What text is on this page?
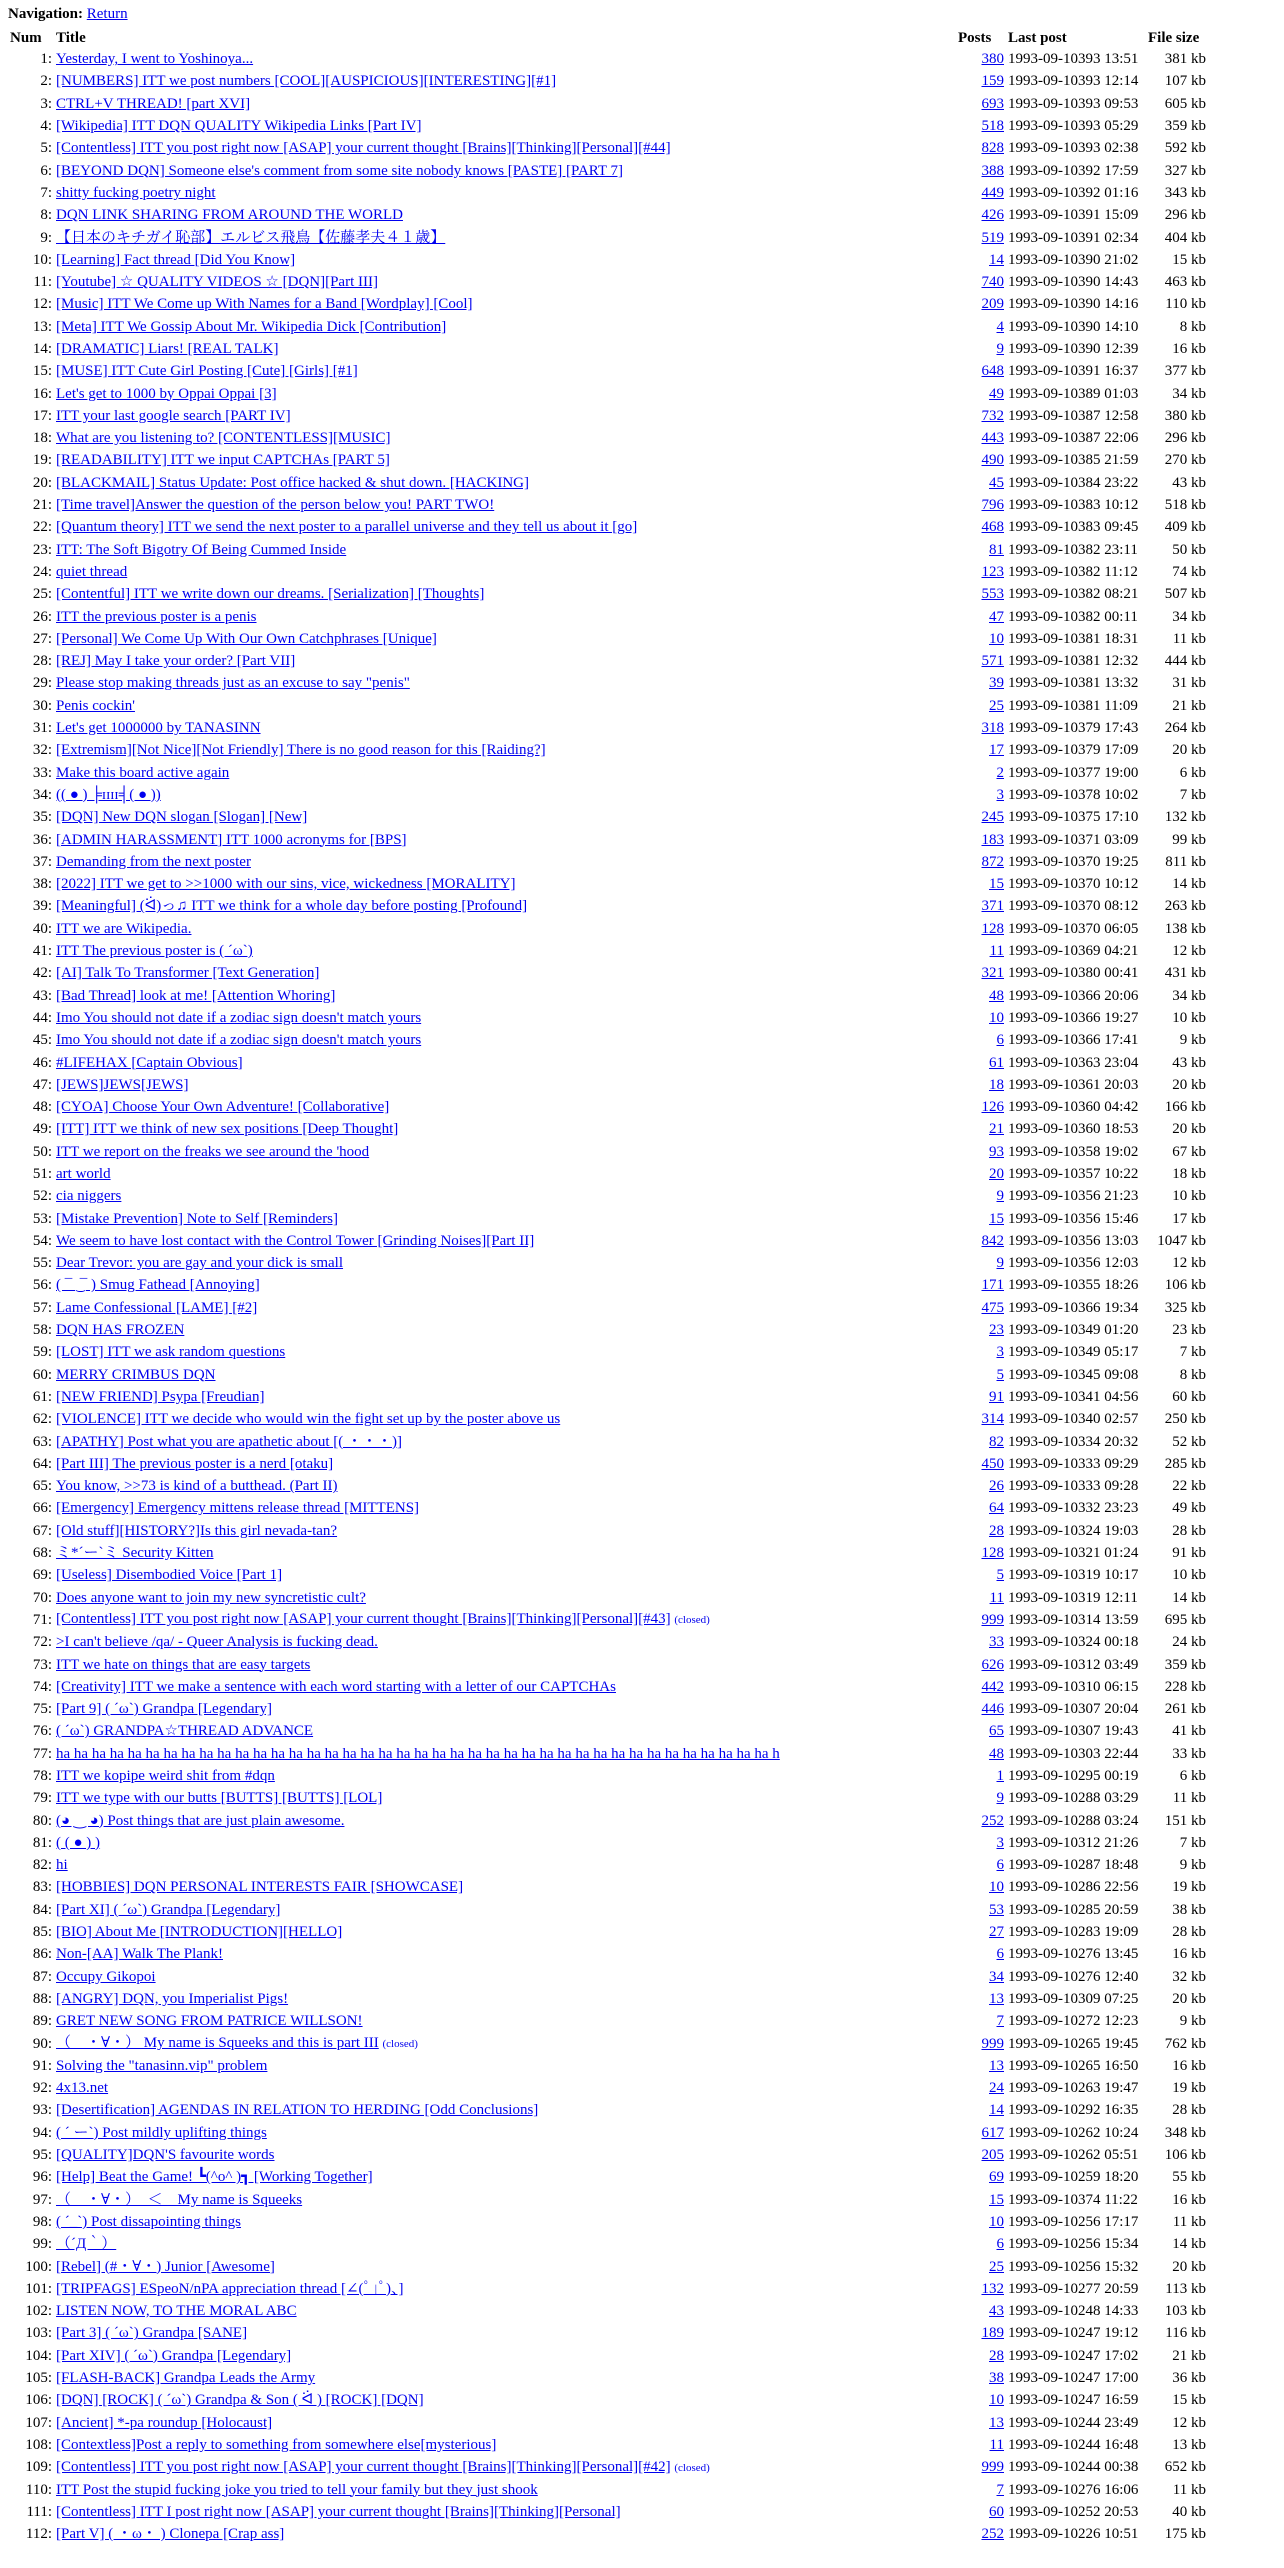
Navigation: Return
Num	Title	Posts	Last post	File size
1:	Yesterday, I went to Yoshinoya...	380	1993-09-10393 13:51	381 kb
2:	[NUMBERS] ITT we post numbers [COOL][AUSPICIOUS][INTERESTING][#1]	159	1993-09-10393 12:14	107 kb
3:	CTRL+V THREAD! [part XVI]	693	1993-09-10393 09:53	605 kb
4:	[Wikipedia] ITT DQN QUALITY Wikipedia Links [Part IV]	518	1993-09-10393 05:29	359 kb
5:	[Contentless] ITT you post right now [ASAP] your current thought [Brains][Thinking][Personal][#44]	828	1993-09-10393 02:38	592 kb
6:	[BEYOND DQN] Someone else's comment from some site nobody knows [PASTE] [PART 7]	388	1993-09-10392 17:59	327 kb
7:	shitty fucking poetry night	449	1993-09-10392 01:16	343 kb
8:	DQN LINK SHARING FROM AROUND THE WORLD	426	1993-09-10391 15:09	296 kb
9:	【日本のキチガイ恥部】エルビス飛鳥【佐藤孝夫４１歳】	519	1993-09-10391 02:34	404 kb
10:	[Learning] Fact thread [Did You Know]	14	1993-09-10390 21:02	15 kb
11:	[Youtube] ☆ QUALITY VIDEOS ☆ [DQN][Part III]	740	1993-09-10390 14:43	463 kb
12:	[Music] ITT We Come up With Names for a Band [Wordplay] [Cool]	209	1993-09-10390 14:16	110 kb
13:	[Meta] ITT We Gossip About Mr. Wikipedia Dick [Contribution]	4	1993-09-10390 14:10	8 kb
14:	[DRAMATIC] Liars! [REAL TALK]	9	1993-09-10390 12:39	16 kb
15:	[MUSE] ITT Cute Girl Posting [Cute] [Girls] [#1]	648	1993-09-10391 16:37	377 kb
16:	Let's get to 1000 by Oppai Oppai [3]	49	1993-09-10389 01:03	34 kb
17:	ITT your last google search [PART IV]	732	1993-09-10387 12:58	380 kb
18:	What are you listening to? [CONTENTLESS][MUSIC]	443	1993-09-10387 22:06	296 kb
19:	[READABILITY] ITT we input CAPTCHAs [PART 5]	490	1993-09-10385 21:59	270 kb
20:	[BLACKMAIL] Status Update: Post office hacked & shut down. [HACKING]	45	1993-09-10384 23:22	43 kb
21:	[Time travel]Answer the question of the person below you! PART TWO!	796	1993-09-10383 10:12	518 kb
22:	[Quantum theory] ITT we send the next poster to a parallel universe and they tell us about it [go]	468	1993-09-10383 09:45	409 kb
23:	ITT: The Soft Bigotry Of Being Cummed Inside	81	1993-09-10382 23:11	50 kb
24:	quiet thread	123	1993-09-10382 11:12	74 kb
25:	[Contentful] ITT we write down our dreams. [Serialization] [Thoughts]	553	1993-09-10382 08:21	507 kb
26:	ITT the previous poster is a penis	47	1993-09-10382 00:11	34 kb
27:	[Personal] We Come Up With Our Own Catchphrases [Unique]	10	1993-09-10381 18:31	11 kb
28:	[REJ] May I take your order? [Part VII]	571	1993-09-10381 12:32	444 kb
29:	Please stop making threads just as an excuse to say "penis"	39	1993-09-10381 13:32	31 kb
30:	Penis cockin'	25	1993-09-10381 11:09	21 kb
31:	Let's get 1000000 by TANASINN	318	1993-09-10379 17:43	264 kb
32:	[Extremism][Not Nice][Not Friendly] There is no good reason for this [Raiding?]	17	1993-09-10379 17:09	20 kb
33:	Make this board active again	2	1993-09-10377 19:00	6 kb
34:	(( ● ) ╞ɪɪɪɪ╡( ● ))	3	1993-09-10378 10:02	7 kb
35:	[DQN] New DQN slogan [Slogan] [New]	245	1993-09-10375 17:10	132 kb
36:	[ADMIN HARASSMENT] ITT 1000 acronyms for [BPS]	183	1993-09-10371 03:09	99 kb
37:	Demanding from the next poster	872	1993-09-10370 19:25	811 kb
38:	[2022] ITT we get to >>1000 with our sins, vice, wickedness [MORALITY]	15	1993-09-10370 10:12	14 kb
39:	[Meaningful] (ᐛ)っ♫ ITT we think for a whole day before posting [Profound]	371	1993-09-10370 08:12	263 kb
40:	ITT we are Wikipedia.	128	1993-09-10370 06:05	138 kb
41:	ITT The previous poster is ( ´ω`)	11	1993-09-10369 04:21	12 kb
42:	[AI] Talk To Transformer [Text Generation]	321	1993-09-10380 00:41	431 kb
43:	[Bad Thread] look at me! [Attention Whoring]	48	1993-09-10366 20:06	34 kb
44:	Imo You should not date if a zodiac sign doesn't match yours	10	1993-09-10366 19:27	10 kb
45:	Imo You should not date if a zodiac sign doesn't match yours	6	1993-09-10366 17:41	9 kb
46:	#LIFEHAX [Captain Obvious]	61	1993-09-10363 23:04	43 kb
47:	[JEWS]JEWS[JEWS]	18	1993-09-10361 20:03	20 kb
48:	[CYOA] Choose Your Own Adventure! [Collaborative]	126	1993-09-10360 04:42	166 kb
49:	[ITT] ITT we think of new sex positions [Deep Thought]	21	1993-09-10360 18:53	20 kb
50:	ITT we report on the freaks we see around the 'hood	93	1993-09-10358 19:02	67 kb
51:	art world	20	1993-09-10357 10:22	18 kb
52:	cia niggers	9	1993-09-10356 21:23	10 kb
53:	[Mistake Prevention] Note to Self [Reminders]	15	1993-09-10356 15:46	17 kb
54:	We seem to have lost contact with the Control Tower [Grinding Noises][Part II]	842	1993-09-10356 13:03	1047 kb
55:	Dear Trevor: you are gay and your dick is small	9	1993-09-10356 12:03	12 kb
56:	( ¯ ͜ ¯ ) Smug Fathead [Annoying]	171	1993-09-10355 18:26	106 kb
57:	Lame Confessional [LAME] [#2]	475	1993-09-10366 19:34	325 kb
58:	DQN HAS FROZEN	23	1993-09-10349 01:20	23 kb
59:	[LOST] ITT we ask random questions	3	1993-09-10349 05:17	7 kb
60:	MERRY CRIMBUS DQN	5	1993-09-10345 09:08	8 kb
61:	[NEW FRIEND] Psypa [Freudian]	91	1993-09-10341 04:56	60 kb
62:	[VIOLENCE] ITT we decide who would win the fight set up by the poster above us	314	1993-09-10340 02:57	250 kb
63:	[APATHY] Post what you are apathetic about [( ・・・)]	82	1993-09-10334 20:32	52 kb
64:	[Part III] The previous poster is a nerd [otaku]	450	1993-09-10333 09:29	285 kb
65:	You know, >>73 is kind of a butthead. (Part II)	26	1993-09-10333 09:28	22 kb
66:	[Emergency] Emergency mittens release thread [MITTENS]	64	1993-09-10332 23:23	49 kb
67:	[Old stuff][HISTORY?]Is this girl nevada-tan?	28	1993-09-10324 19:03	28 kb
68:	ミ*´ー`ミ Security Kitten	128	1993-09-10321 01:24	91 kb
69:	[Useless] Disembodied Voice [Part 1]	5	1993-09-10319 10:17	10 kb
70:	Does anyone want to join my new syncretistic cult?	11	1993-09-10319 12:11	14 kb
71:	[Contentless] ITT you post right now [ASAP] your current thought [Brains][Thinking][Personal][#43] (closed)	999	1993-09-10314 13:59	695 kb
72:	>I can't believe /qa/ - Queer Analysis is fucking dead.	33	1993-09-10324 00:18	24 kb
73:	ITT we hate on things that are easy targets	626	1993-09-10312 03:49	359 kb
74:	[Creativity] ITT we make a sentence with each word starting with a letter of our CAPTCHAs	442	1993-09-10310 06:15	228 kb
75:	[Part 9] ( ´ω`) Grandpa [Legendary]	446	1993-09-10307 20:04	261 kb
76:	( ´ω`) GRANDPA☆THREAD ADVANCE	65	1993-09-10307 19:43	41 kb
77:	ha ha ha ha ha ha ha ha ha ha ha ha ha ha ha ha ha ha ha ha ha ha ha ha ha ha ha ha ha ha ha ha ha ha ha ha ha ha ha ha h	48	1993-09-10303 22:44	33 kb
78:	ITT we kopipe weird shit from #dqn	1	1993-09-10295 00:19	6 kb
79:	ITT we type with our butts [BUTTS] [BUTTS] [LOL]	9	1993-09-10288 03:29	11 kb
80:	(◕ ‿ ◕) Post things that are just plain awesome.	252	1993-09-10288 03:24	151 kb
81:	( ( ● ) )	3	1993-09-10312 21:26	7 kb
82:	hi	6	1993-09-10287 18:48	9 kb
83:	[HOBBIES] DQN PERSONAL INTERESTS FAIR [SHOWCASE]	10	1993-09-10286 22:56	19 kb
84:	[Part XI] ( ´ω`) Grandpa [Legendary]	53	1993-09-10285 20:59	38 kb
85:	[BIO] About Me [INTRODUCTION][HELLO]	27	1993-09-10283 19:09	28 kb
86:	Non-[AA] Walk The Plank!	6	1993-09-10276 13:45	16 kb
87:	Occupy Gikopoi	34	1993-09-10276 12:40	32 kb
88:	[ANGRY] DQN, you Imperialist Pigs!	13	1993-09-10309 07:25	20 kb
89:	GRET NEW SONG FROM PATRICE WILLSON!	7	1993-09-10272 12:23	9 kb
90:	（　・∀・） My name is Squeeks and this is part III (closed)	999	1993-09-10265 19:45	762 kb
91:	Solving the "tanasinn.vip" problem	13	1993-09-10265 16:50	16 kb
92:	4x13.net	24	1993-09-10263 19:47	19 kb
93:	[Desertification] AGENDAS IN RELATION TO HERDING [Odd Conclusions]	14	1993-09-10292 16:35	28 kb
94:	( ´ ー`) Post mildly uplifting things	617	1993-09-10262 10:24	348 kb
95:	[QUALITY]DQN'S favourite words	205	1993-09-10262 05:51	106 kb
96:	[Help] Beat the Game! ┗(^o^ )┓ [Working Together]	69	1993-09-10259 18:20	55 kb
97:	（　・∀・）　＜　My name is Squeeks	15	1993-09-10374 11:22	16 kb
98:	( ´_`) Post dissapointing things	10	1993-09-10256 17:17	11 kb
99:	（´Д｀）	6	1993-09-10256 15:34	14 kb
100:	[Rebel] (#・∀・) Junior [Awesome]	25	1993-09-10256 15:32	20 kb
101:	[TRIPFAGS] ESpeoN/nPA appreciation thread [∠(ﾟ｣ﾟ)、]	132	1993-09-10277 20:59	113 kb
102:	LISTEN NOW, TO THE MORAL ABC	43	1993-09-10248 14:33	103 kb
103:	[Part 3] ( ´ω`) Grandpa [SANE]	189	1993-09-10247 19:12	116 kb
104:	[Part XIV] ( ´ω`) Grandpa [Legendary]	28	1993-09-10247 17:02	21 kb
105:	[FLASH-BACK] Grandpa Leads the Army	38	1993-09-10247 17:00	36 kb
106:	[DQN] [ROCK] ( ´ω`) Grandpa & Son ( ᐛ ) [ROCK] [DQN]	10	1993-09-10247 16:59	15 kb
107:	[Ancient] *-pa roundup [Holocaust]	13	1993-09-10244 23:49	12 kb
108:	[Contextless]Post a reply to something from somewhere else[mysterious]	11	1993-09-10244 16:48	13 kb
109:	[Contentless] ITT you post right now [ASAP] your current thought [Brains][Thinking][Personal][#42] (closed)	999	1993-09-10244 00:38	652 kb
110:	ITT Post the stupid fucking joke you tried to tell your family but they just shook	7	1993-09-10276 16:06	11 kb
111:	[Contentless] ITT I post right now [ASAP] your current thought [Brains][Thinking][Personal]	60	1993-09-10252 20:53	40 kb
112:	[Part V] ( ・ω・ ) Clonepa [Crap ass]	252	1993-09-10226 10:51	175 kb
